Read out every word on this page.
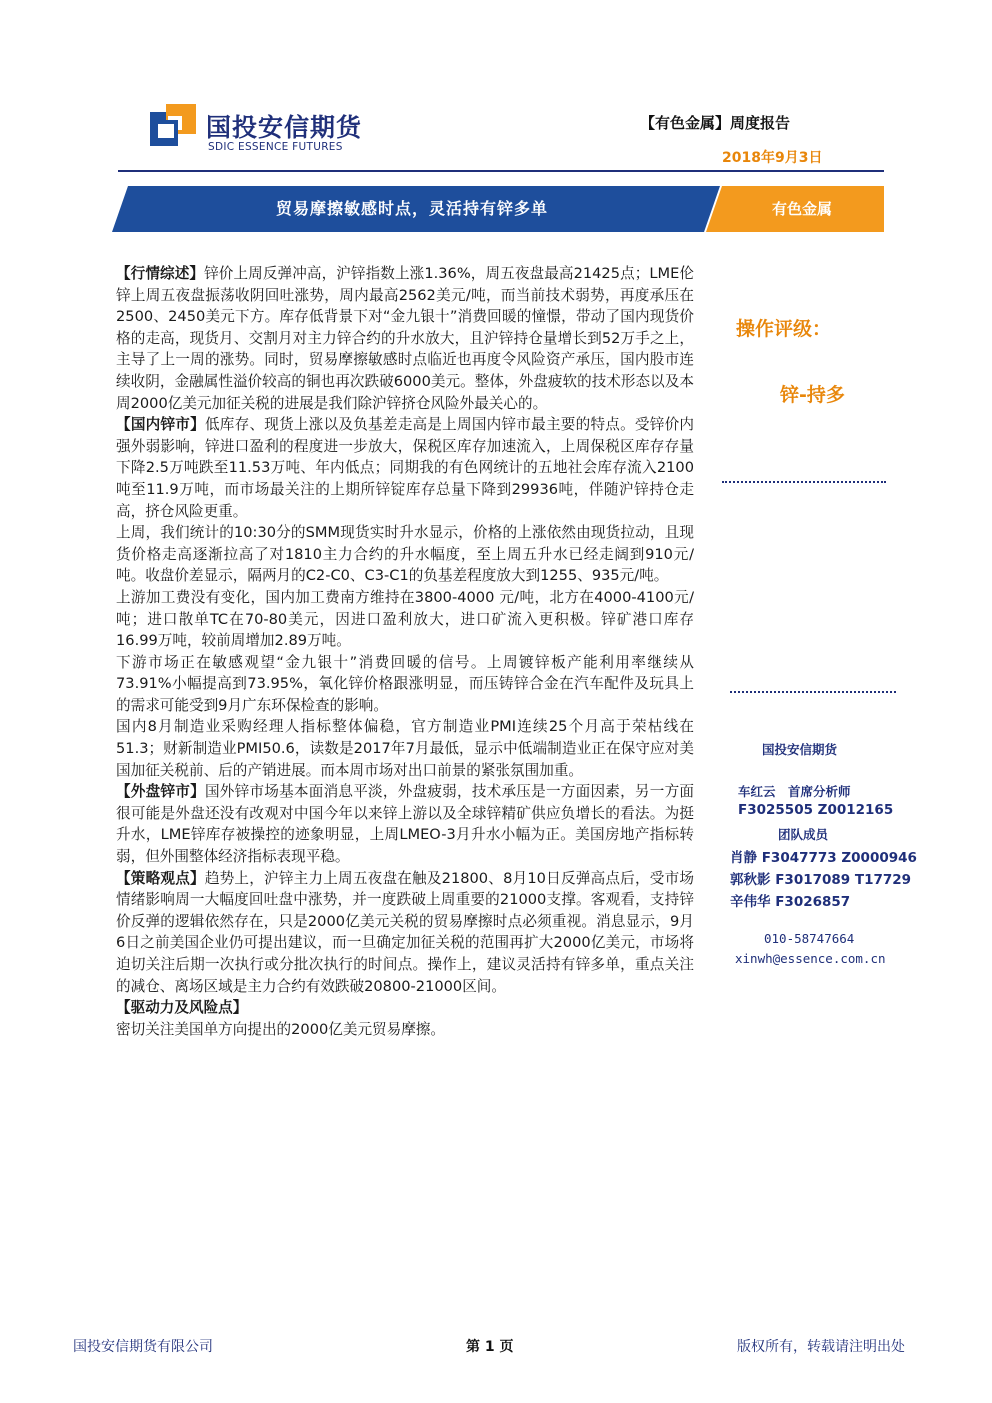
国投安信期货
SDIC ESSENCE FUTURES
【有色金属】周度报告
2018年9月3日
贸易摩擦敏感时点，灵活持有锌多单	有色金属

【行情综述】锌价上周反弹冲高，沪锌指数上涨1.36%，周五夜盘最高21425点；LME伦锌上周五夜盘振荡收阴回吐涨势，周内最高2562美元/吨，而当前技术弱势，再度承压在2500、2450美元下方。库存低背景下对“金九银十”消费回暖的憧憬，带动了国内现货价格的走高，现货月、交割月对主力锌合约的升水放大，且沪锌持仓量增长到52万手之上，主导了上一周的涨势。同时，贸易摩擦敏感时点临近也再度令风险资产承压，国内股市连续收阴，金融属性溢价较高的铜也再次跌破6000美元。整体，外盘疲软的技术形态以及本周2000亿美元加征关税的进展是我们除沪锌挤仓风险外最关心的。

【国内锌市】低库存、现货上涨以及负基差走高是上周国内锌市最主要的特点。受锌价内强外弱影响，锌进口盈利的程度进一步放大，保税区库存加速流入，上周保税区库存存量下降2.5万吨跌至11.53万吨、年内低点；同期我的有色网统计的五地社会库存流入2100吨至11.9万吨，而市场最关注的上期所锌锭库存总量下降到29936吨，伴随沪锌持仓走高，挤仓风险更重。

上周，我们统计的10:30分的SMM现货实时升水显示，价格的上涨依然由现货拉动，且现货价格走高逐渐拉高了对1810主力合约的升水幅度，至上周五升水已经走阔到910元/吨。收盘价差显示，隔两月的C2-C0、C3-C1的负基差程度放大到1255、935元/吨。

上游加工费没有变化，国内加工费南方维持在3800-4000 元/吨，北方在4000-4100元/吨；进口散单TC在70-80美元，因进口盈利放大，进口矿流入更积极。锌矿港口库存16.99万吨，较前周增加2.89万吨。

下游市场正在敏感观望“金九银十”消费回暖的信号。上周镀锌板产能利用率继续从73.91%小幅提高到73.95%，氧化锌价格跟涨明显，而压铸锌合金在汽车配件及玩具上的需求可能受到9月广东环保检查的影响。

国内8月制造业采购经理人指标整体偏稳，官方制造业PMI连续25个月高于荣枯线在51.3；财新制造业PMI50.6，读数是2017年7月最低，显示中低端制造业正在保守应对美国加征关税前、后的产销进展。而本周市场对出口前景的紧张氛围加重。

【外盘锌市】国外锌市场基本面消息平淡，外盘疲弱，技术承压是一方面因素，另一方面很可能是外盘还没有改观对中国今年以来锌上游以及全球锌精矿供应负增长的看法。为挺升水，LME锌库存被操控的迹象明显，上周LMEO-3月升水小幅为正。美国房地产指标转弱，但外围整体经济指标表现平稳。

【策略观点】趋势上，沪锌主力上周五夜盘在触及21800、8月10日反弹高点后，受市场情绪影响周一大幅度回吐盘中涨势，并一度跌破上周重要的21000支撑。客观看，支持锌价反弹的逻辑依然存在，只是2000亿美元关税的贸易摩擦时点必须重视。消息显示，9月6日之前美国企业仍可提出建议，而一旦确定加征关税的范围再扩大2000亿美元，市场将迫切关注后期一次执行或分批次执行的时间点。操作上，建议灵活持有锌多单，重点关注的减仓、离场区域是主力合约有效跌破20800-21000区间。

【驱动力及风险点】

密切关注美国单方向提出的2000亿美元贸易摩擦。

操作评级：
锌-持多
国投安信期货
车红云　首席分析师
F3025505 Z0012165
团队成员
肖静 F3047773 Z0000946
郭秋影 F3017089 T17729
辛伟华 F3026857
010-58747664
xinwh@essence.com.cn
国投安信期货有限公司	第 1 页	版权所有，转载请注明出处
